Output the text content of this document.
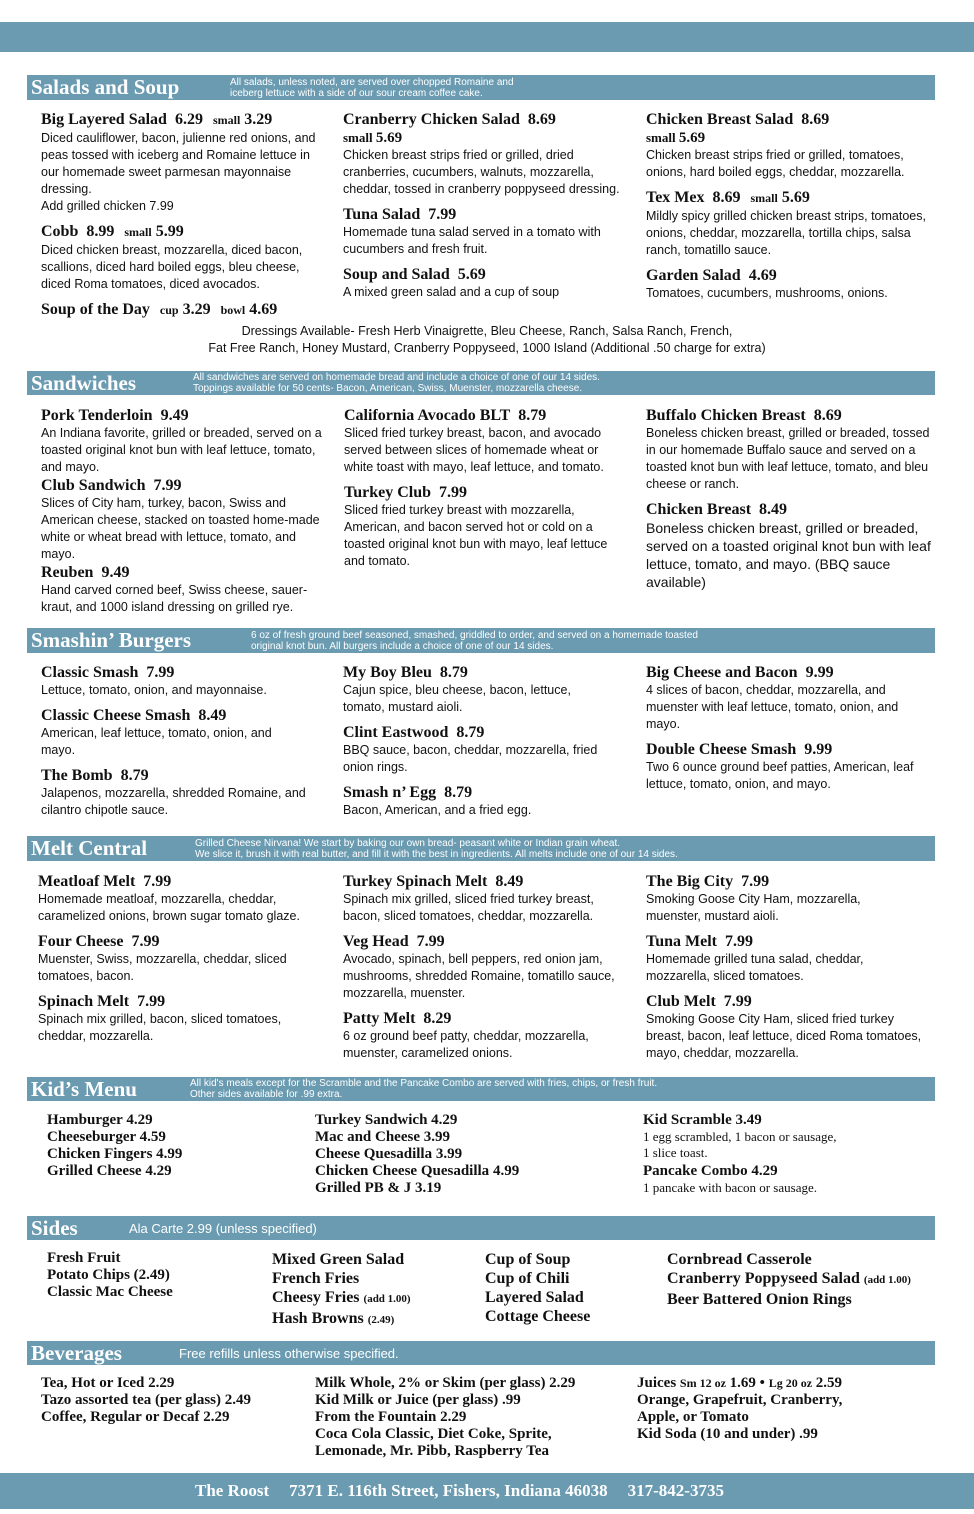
Salads and Soup	All salads, unless noted, are served over chopped Romaine and
iceberg lettuce with a side of our sour cream coffee cake.
Big Layered Salad 6.29 small 3.29
Diced cauliflower, bacon, julienne red onions, and peas tossed with iceberg and Romaine lettuce in our homemade sweet parmesan mayonnaise dressing.
Add grilled chicken 7.99
Cobb 8.99 small 5.99
Diced chicken breast, mozzarella, diced bacon, scallions, diced hard boiled eggs, bleu cheese, diced Roma tomatoes, diced avocados.
Soup of the Day cup 3.29 bowl 4.69
Cranberry Chicken Salad 8.69
small 5.69
Chicken breast strips fried or grilled, dried cranberries, cucumbers, walnuts, mozzarella, cheddar, tossed in cranberry poppyseed dressing.
Tuna Salad 7.99
Homemade tuna salad served in a tomato with cucumbers and fresh fruit.
Soup and Salad 5.69
A mixed green salad and a cup of soup
Chicken Breast Salad 8.69
small 5.69
Chicken breast strips fried or grilled, tomatoes, onions, hard boiled eggs, cheddar, mozzarella.
Tex Mex 8.69 small 5.69
Mildly spicy grilled chicken breast strips, tomatoes, onions, cheddar, mozzarella, tortilla chips, salsa ranch, tomatillo sauce.
Garden Salad 4.69
Tomatoes, cucumbers, mushrooms, onions.
Dressings Available- Fresh Herb Vinaigrette, Bleu Cheese, Ranch, Salsa Ranch, French,
Fat Free Ranch, Honey Mustard, Cranberry Poppyseed, 1000 Island (Additional .50 charge for extra)
Sandwiches	All sandwiches are served on homemade bread and include a choice of one of our 14 sides.
Toppings available for 50 cents- Bacon, American, Swiss, Muenster, mozzarella cheese.
Pork Tenderloin 9.49
An Indiana favorite, grilled or breaded, served on a toasted original knot bun with leaf lettuce, tomato, and mayo.
Club Sandwich 7.99
Slices of City ham, turkey, bacon, Swiss and American cheese, stacked on toasted home-made white or wheat bread with lettuce, tomato, and mayo.
Reuben 9.49
Hand carved corned beef, Swiss cheese, sauer-kraut, and 1000 island dressing on grilled rye.
California Avocado BLT 8.79
Sliced fried turkey breast, bacon, and avocado served between slices of homemade wheat or white toast with mayo, leaf lettuce, and tomato.
Turkey Club 7.99
Sliced fried turkey breast with mozzarella, American, and bacon served hot or cold on a toasted original knot bun with mayo, leaf lettuce and tomato.
Buffalo Chicken Breast 8.69
Boneless chicken breast, grilled or breaded, tossed in our homemade Buffalo sauce and served on a toasted knot bun with leaf lettuce, tomato, and bleu cheese or ranch.
Chicken Breast 8.49
Boneless chicken breast, grilled or breaded, served on a toasted original knot bun with leaf lettuce, tomato, and mayo. (BBQ sauce available)
Smashin’ Burgers	6 oz of fresh ground beef seasoned, smashed, griddled to order, and served on a homemade toasted
original knot bun. All burgers include a choice of one of our 14 sides.
Classic Smash 7.99
Lettuce, tomato, onion, and mayonnaise.
Classic Cheese Smash 8.49
American, leaf lettuce, tomato, onion, and mayo.
The Bomb 8.79
Jalapenos, mozzarella, shredded Romaine, and cilantro chipotle sauce.
My Boy Bleu 8.79
Cajun spice, bleu cheese, bacon, lettuce, tomato, mustard aioli.
Clint Eastwood 8.79
BBQ sauce, bacon, cheddar, mozzarella, fried onion rings.
Smash n’ Egg 8.79
Bacon, American, and a fried egg.
Big Cheese and Bacon 9.99
4 slices of bacon, cheddar, mozzarella, and muenster with leaf lettuce, tomato, onion, and mayo.
Double Cheese Smash 9.99
Two 6 ounce ground beef patties, American, leaf lettuce, tomato, onion, and mayo.
Melt Central	Grilled Cheese Nirvana! We start by baking our own bread- peasant white or Indian grain wheat.
We slice it, brush it with real butter, and fill it with the best in ingredients. All melts include one of our 14 sides.
Meatloaf Melt 7.99
Homemade meatloaf, mozzarella, cheddar, caramelized onions, brown sugar tomato glaze.
Four Cheese 7.99
Muenster, Swiss, mozzarella, cheddar, sliced tomatoes, bacon.
Spinach Melt 7.99
Spinach mix grilled, bacon, sliced tomatoes, cheddar, mozzarella.
Turkey Spinach Melt 8.49
Spinach mix grilled, sliced fried turkey breast, bacon, sliced tomatoes, cheddar, mozzarella.
Veg Head 7.99
Avocado, spinach, bell peppers, red onion jam, mushrooms, shredded Romaine, tomatillo sauce, mozzarella, muenster.
Patty Melt 8.29
6 oz ground beef patty, cheddar, mozzarella, muenster, caramelized onions.
The Big City 7.99
Smoking Goose City Ham, mozzarella, muenster, mustard aioli.
Tuna Melt 7.99
Homemade grilled tuna salad, cheddar, mozzarella, sliced tomatoes.
Club Melt 7.99
Smoking Goose City Ham, sliced fried turkey breast, bacon, leaf lettuce, diced Roma tomatoes, mayo, cheddar, mozzarella.
Kid’s Menu	All kid's meals except for the Scramble and the Pancake Combo are served with fries, chips, or fresh fruit.
Other sides available for .99 extra.
Hamburger 4.29
Cheeseburger 4.59
Chicken Fingers 4.99
Grilled Cheese 4.29
Turkey Sandwich 4.29
Mac and Cheese 3.99
Cheese Quesadilla 3.99
Chicken Cheese Quesadilla 4.99
Grilled PB & J 3.19
Kid Scramble 3.49
1 egg scrambled, 1 bacon or sausage,
1 slice toast.
Pancake Combo 4.29
1 pancake with bacon or sausage.
Sides	Ala Carte 2.99 (unless specified)
Fresh Fruit
Potato Chips (2.49)
Classic Mac Cheese
Mixed Green Salad
French Fries
Cheesy Fries (add 1.00)
Hash Browns (2.49)
Cup of Soup
Cup of Chili
Layered Salad
Cottage Cheese
Cornbread Casserole
Cranberry Poppyseed Salad (add 1.00)
Beer Battered Onion Rings
Beverages	Free refills unless otherwise specified.
Tea, Hot or Iced 2.29
Tazo assorted tea (per glass) 2.49
Coffee, Regular or Decaf 2.29
Milk Whole, 2% or Skim (per glass) 2.29
Kid Milk or Juice (per glass) .99
From the Fountain 2.29
Coca Cola Classic, Diet Coke, Sprite,
Lemonade, Mr. Pibb, Raspberry Tea
Juices Sm 12 oz 1.69 • Lg 20 oz 2.59
Orange, Grapefruit, Cranberry,
Apple, or Tomato
Kid Soda (10 and under) .99
The Roost 7371 E. 116th Street, Fishers, Indiana 46038 317-842-3735
